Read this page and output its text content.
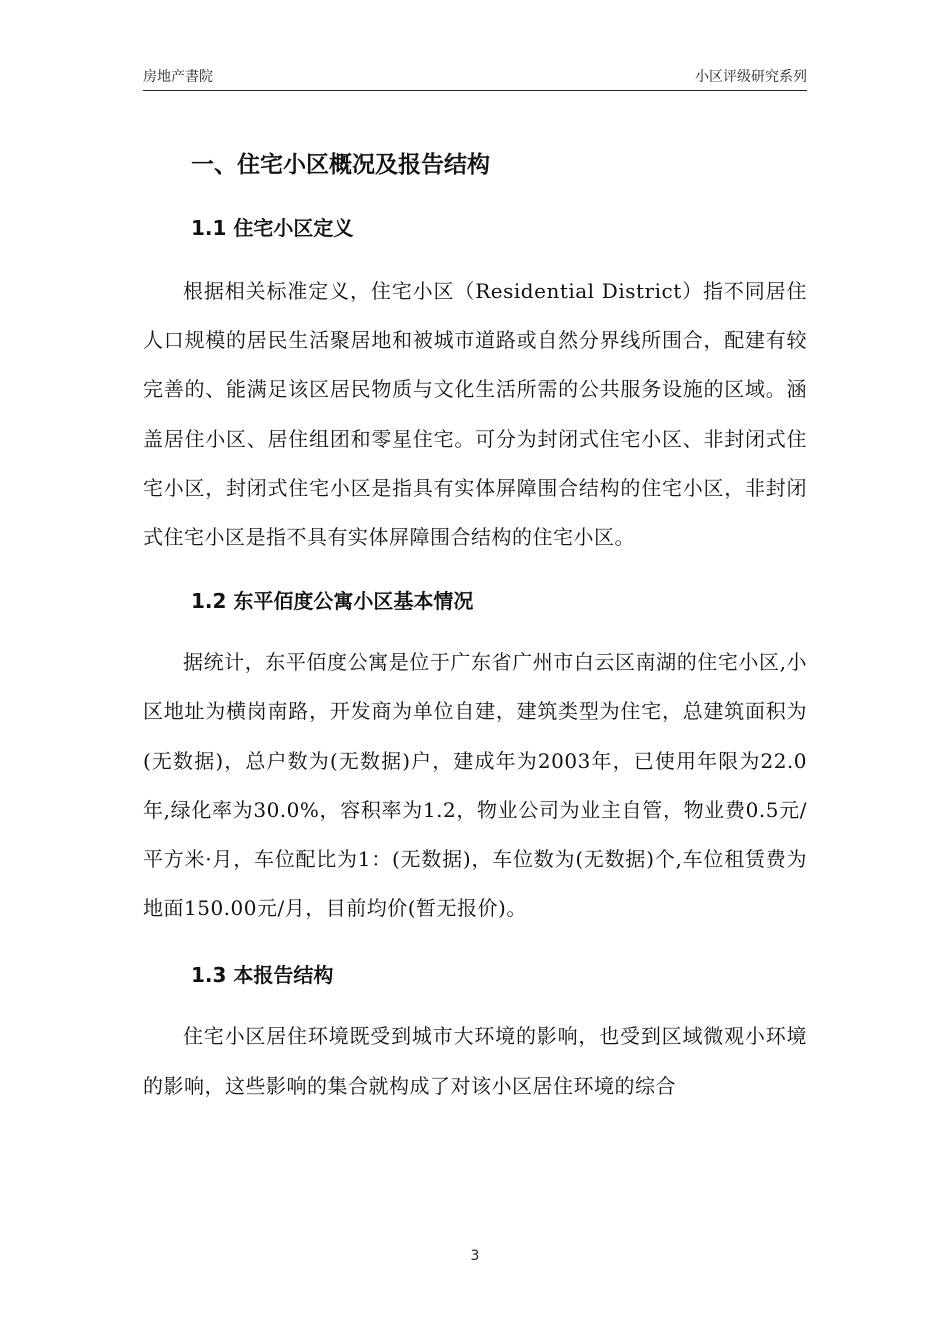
房地产書院	小区评级研究系列
一、住宅小区概况及报告结构
1.1 住宅小区定义

根据相关标准定义，住宅小区（Residential District）指不同居住人口规模的居民生活聚居地和被城市道路或自然分界线所围合，配建有较完善的、能满足该区居民物质与文化生活所需的公共服务设施的区域。涵盖居住小区、居住组团和零星住宅。可分为封闭式住宅小区、非封闭式住宅小区，封闭式住宅小区是指具有实体屏障围合结构的住宅小区，非封闭式住宅小区是指不具有实体屏障围合结构的住宅小区。

1.2 东平佰度公寓小区基本情况

据统计，东平佰度公寓是位于广东省广州市白云区南湖的住宅小区,小区地址为横岗南路，开发商为单位自建，建筑类型为住宅，总建筑面积为(无数据)，总户数为(无数据)户，建成年为2003年，已使用年限为22.0年,绿化率为30.0%，容积率为1.2，物业公司为业主自管，物业费0.5元/平方米·月，车位配比为1：(无数据)，车位数为(无数据)个,车位租赁费为地面150.00元/月，目前均价(暂无报价)。

1.3 本报告结构

住宅小区居住环境既受到城市大环境的影响，也受到区域微观小环境的影响，这些影响的集合就构成了对该小区居住环境的综合

3
